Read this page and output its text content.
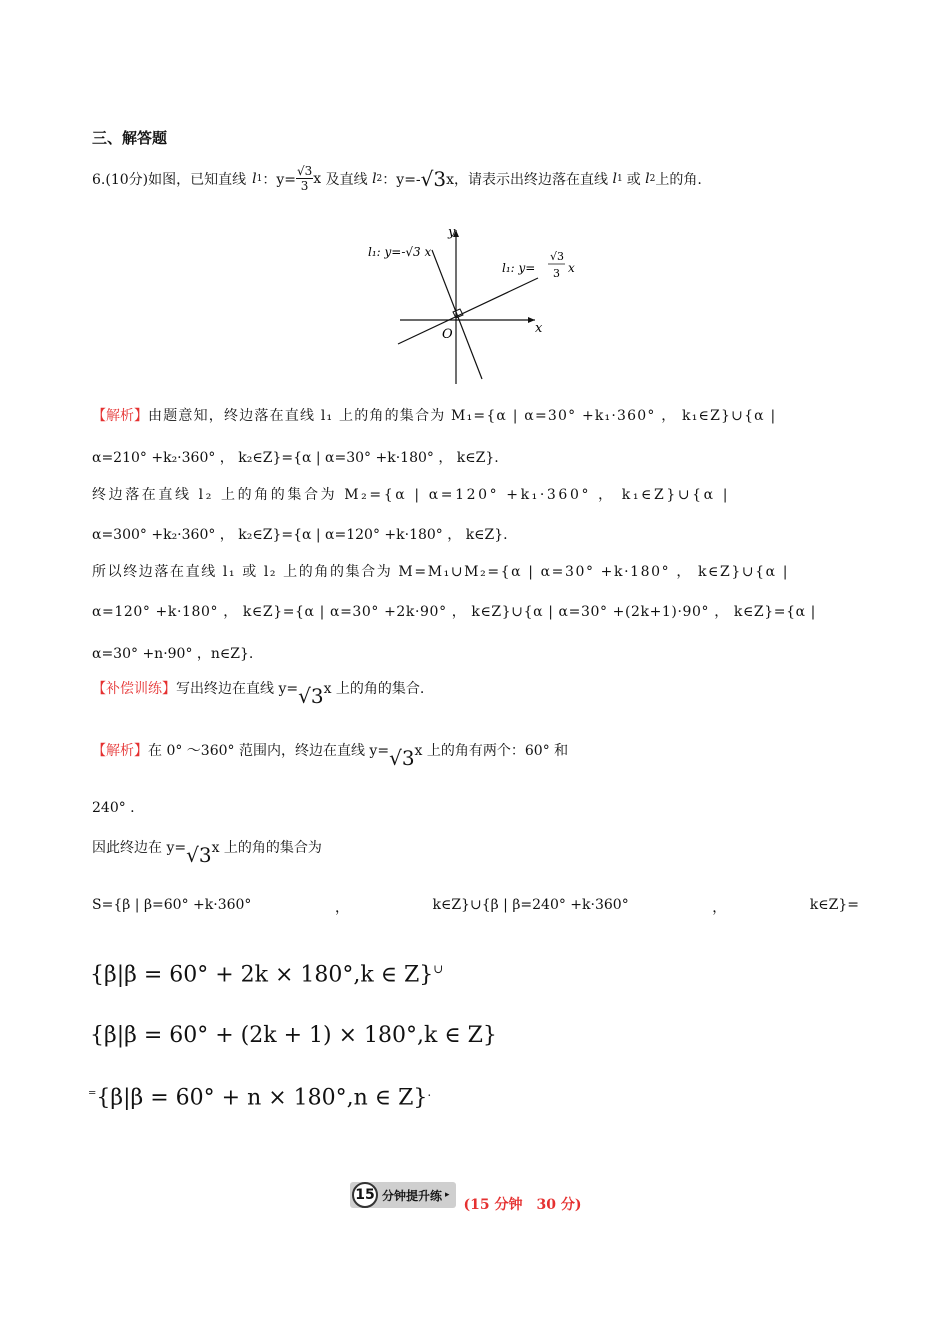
三、解答题
6.(10分)如图，已知直线 l 1 ：$y= \frac{√3}{3}$ x 及直线 l 2 ：y=- √3 x，请表示出终边落在直线 l 1 或 l 2 上的角.
y
x
O
l₁: y=-√3 x
l₁: y=
√3
3 x
【解析】 由题意知，终边落在直线 l₁ 上的角的集合为 M₁={α | α=30° +k₁·360° ， k₁∈Z}∪{α |
α=210° +k₂·360° ， k₂∈Z}={α | α=30° +k·180° ， k∈Z}.
终边落在直线 l₂ 上的角的集合为 M₂={α | α=120° +k₁·360° ， k₁∈Z}∪{α |
α=300° +k₂·360° ， k₂∈Z}={α | α=120° +k·180° ， k∈Z}.
所以终边落在直线 l₁ 或 l₂ 上的角的集合为 M=M₁∪M₂={α | α=30° +k·180° ， k∈Z}∪{α |
α=120° +k·180° ， k∈Z}={α | α=30° +2k·90° ， k∈Z}∪{α | α=30° +(2k+1)·90° ， k∈Z}={α |
α=30° +n·90° ，n∈Z}.
【补偿训练】 写出终边在直线 y= √3 x 上的角的集合.
【解析】 在 0° ～360° 范围内，终边在直线 y= √3 x 上的角有两个：60° 和
240° .
因此终边在 y= √3 x 上的角的集合为
S={β | β=60° +k·360°	，	k∈Z}∪{β | β=240° +k·360°	，	k∈Z}=
{β|β = 60° + 2k × 180°,k ∈ Z}∪
{β|β = 60° + (2k + 1) × 180°,k ∈ Z}
={β|β = 60° + n × 180°,n ∈ Z}.
15 分钟提升练 ▸
(15 分钟　30 分)
